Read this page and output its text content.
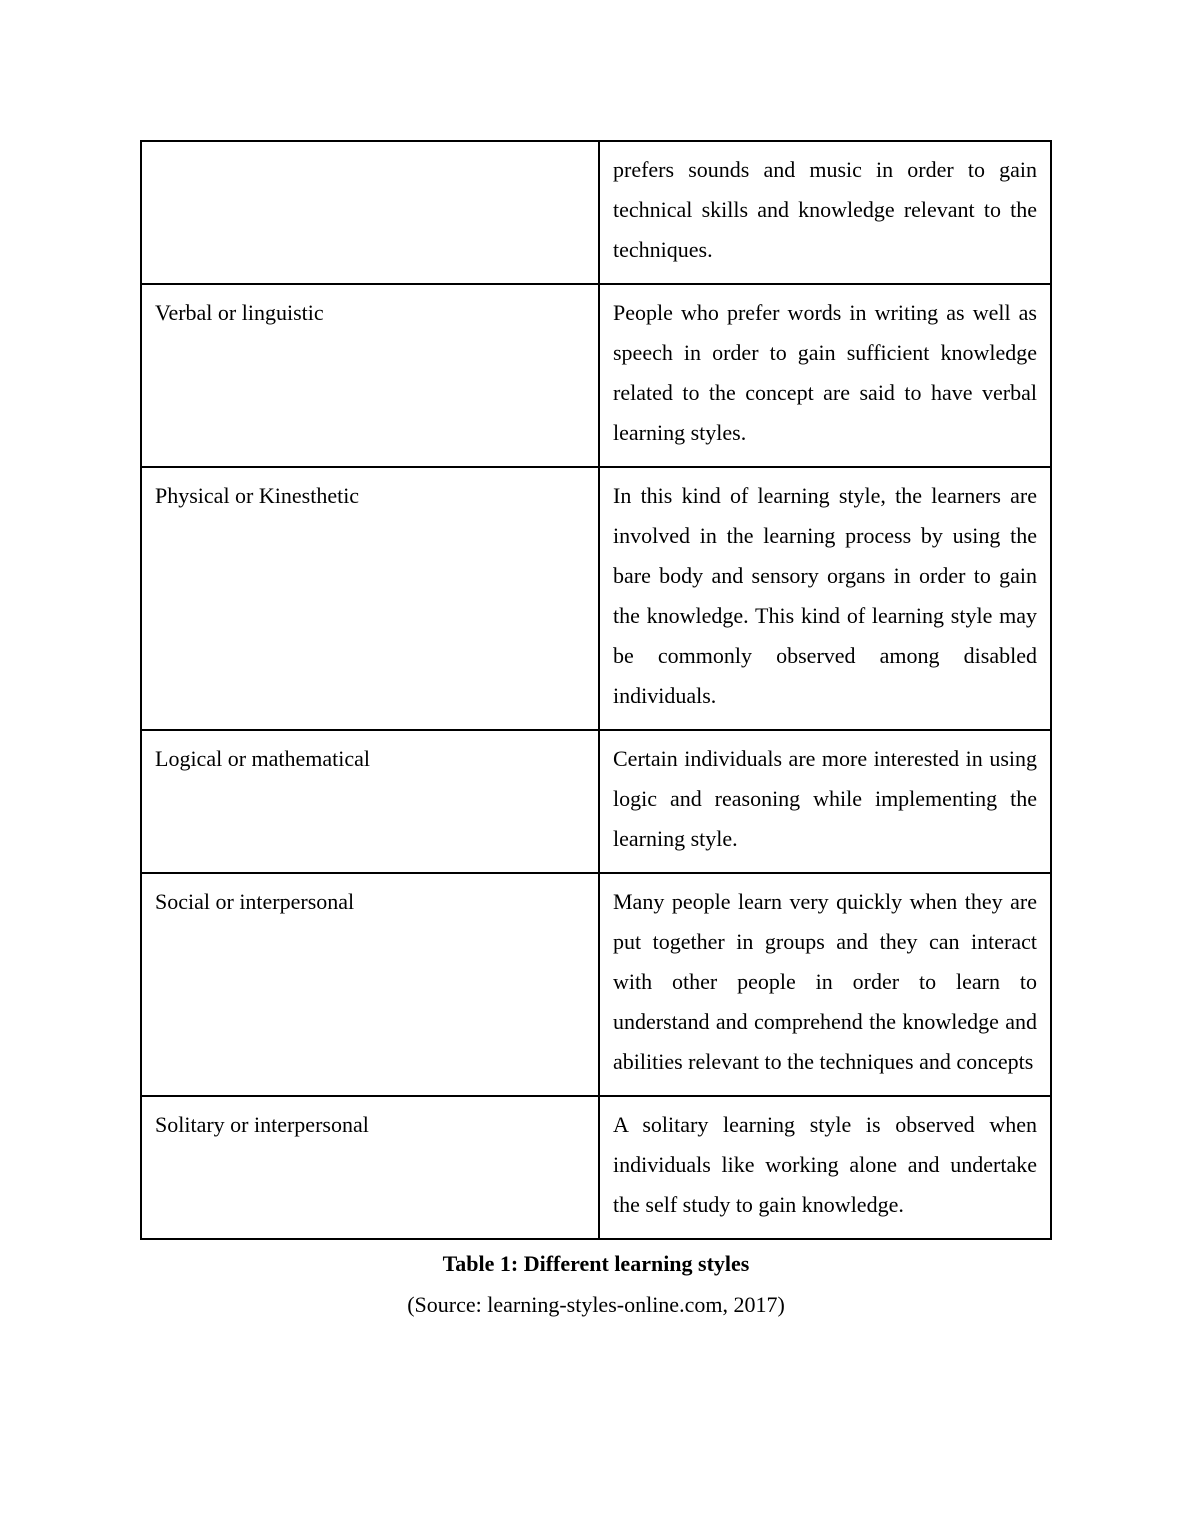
	prefers sounds and music in order to gain technical skills and knowledge relevant to the techniques.
Verbal or linguistic	People who prefer words in writing as well as speech in order to gain sufficient knowledge related to the concept are said to have verbal learning styles.
Physical or Kinesthetic	In this kind of learning style, the learners are involved in the learning process by using the bare body and sensory organs in order to gain the knowledge. This kind of learning style may be commonly observed among disabled individuals.
Logical or mathematical	Certain individuals are more interested in using logic and reasoning while implementing the learning style.
Social or interpersonal	Many people learn very quickly when they are put together in groups and they can interact with other people in order to learn to understand and comprehend the knowledge and abilities relevant to the techniques and concepts
Solitary or interpersonal	A solitary learning style is observed when individuals like working alone and undertake the self study to gain knowledge.
Table 1: Different learning styles
(Source: learning-styles-online.com, 2017)
